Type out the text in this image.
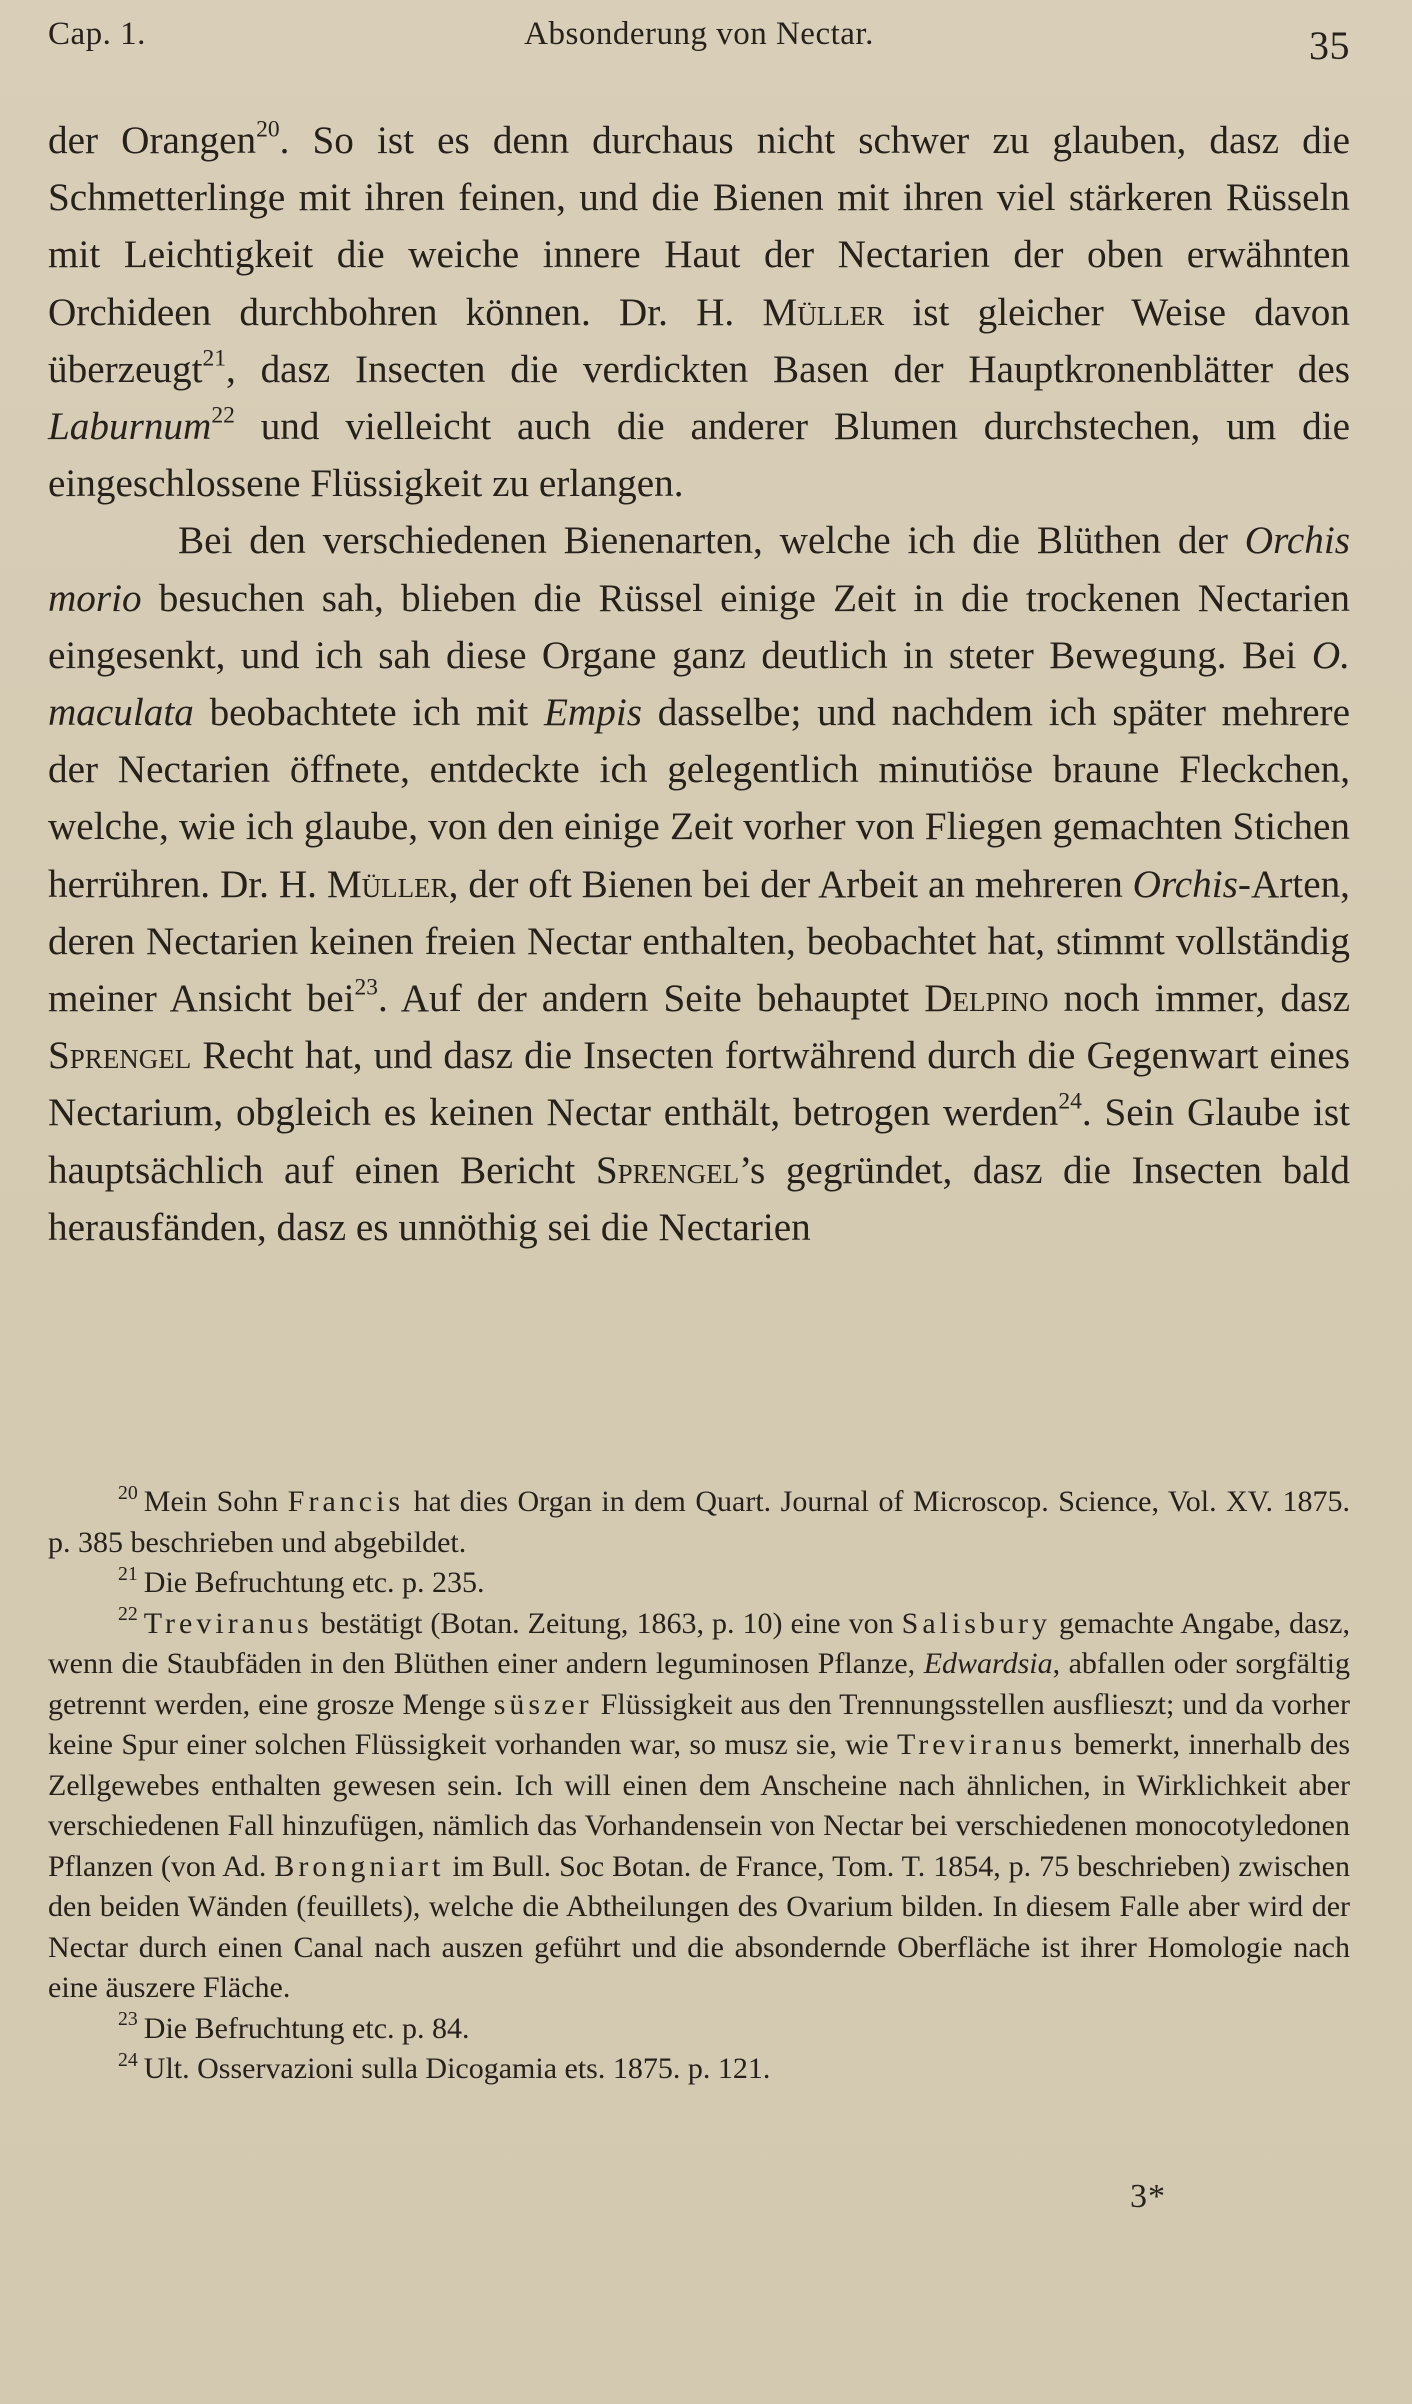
Cap. 1.	Absonderung von Nectar.	35

der Orangen$^{20}$. So ist es denn durchaus nicht schwer zu glauben, dasz die Schmetterlinge mit ihren feinen, und die Bienen mit ihren viel stärkeren Rüsseln mit Leichtigkeit die weiche innere Haut der Nectarien der oben erwähnten Orchideen durchbohren können. Dr. H. Müller ist gleicher Weise davon überzeugt$^{21}$, dasz Insecten die verdickten Basen der Hauptkronenblätter des Laburnum$^{22}$ und vielleicht auch die anderer Blumen durchstechen, um die eingeschlossene Flüssigkeit zu erlangen.

Bei den verschiedenen Bienenarten, welche ich die Blüthen der Orchis morio besuchen sah, blieben die Rüssel einige Zeit in die trockenen Nectarien eingesenkt, und ich sah diese Organe ganz deutlich in steter Bewegung. Bei O. maculata beobachtete ich mit Empis dasselbe; und nachdem ich später mehrere der Nectarien öffnete, entdeckte ich gelegentlich minutiöse braune Fleckchen, welche, wie ich glaube, von den einige Zeit vorher von Fliegen gemachten Stichen herrühren. Dr. H. Müller, der oft Bienen bei der Arbeit an mehreren Orchis-Arten, deren Nectarien keinen freien Nectar enthalten, beobachtet hat, stimmt vollständig meiner Ansicht bei$^{23}$. Auf der andern Seite behauptet Delpino noch immer, dasz Sprengel Recht hat, und dasz die Insecten fortwährend durch die Gegenwart eines Nectarium, obgleich es keinen Nectar enthält, betrogen werden$^{24}$. Sein Glaube ist hauptsächlich auf einen Bericht Sprengel’s gegründet, dasz die Insecten bald herausfänden, dasz es unnöthig sei die Nectarien

$^{20}$ Mein Sohn Francis hat dies Organ in dem Quart. Journal of Microscop. Science, Vol. XV. 1875. p. 385 beschrieben und abgebildet.

$^{21}$ Die Befruchtung etc. p. 235.

$^{22}$ Treviranus bestätigt (Botan. Zeitung, 1863, p. 10) eine von Salisbury gemachte Angabe, dasz, wenn die Staubfäden in den Blüthen einer andern leguminosen Pflanze, Edwardsia, abfallen oder sorgfältig getrennt werden, eine grosze Menge süszer Flüssigkeit aus den Trennungsstellen ausflieszt; und da vorher keine Spur einer solchen Flüssigkeit vorhanden war, so musz sie, wie Treviranus bemerkt, innerhalb des Zellgewebes enthalten gewesen sein. Ich will einen dem Anscheine nach ähnlichen, in Wirklichkeit aber verschiedenen Fall hinzufügen, nämlich das Vorhandensein von Nectar bei verschiedenen monocotyledonen Pflanzen (von Ad. Brongniart im Bull. Soc Botan. de France, Tom. T. 1854, p. 75 beschrieben) zwischen den beiden Wänden (feuillets), welche die Abtheilungen des Ovarium bilden. In diesem Falle aber wird der Nectar durch einen Canal nach auszen geführt und die absondernde Oberfläche ist ihrer Homologie nach eine äuszere Fläche.

$^{23}$ Die Befruchtung etc. p. 84.

$^{24}$ Ult. Osservazioni sulla Dicogamia ets. 1875. p. 121.

3*
